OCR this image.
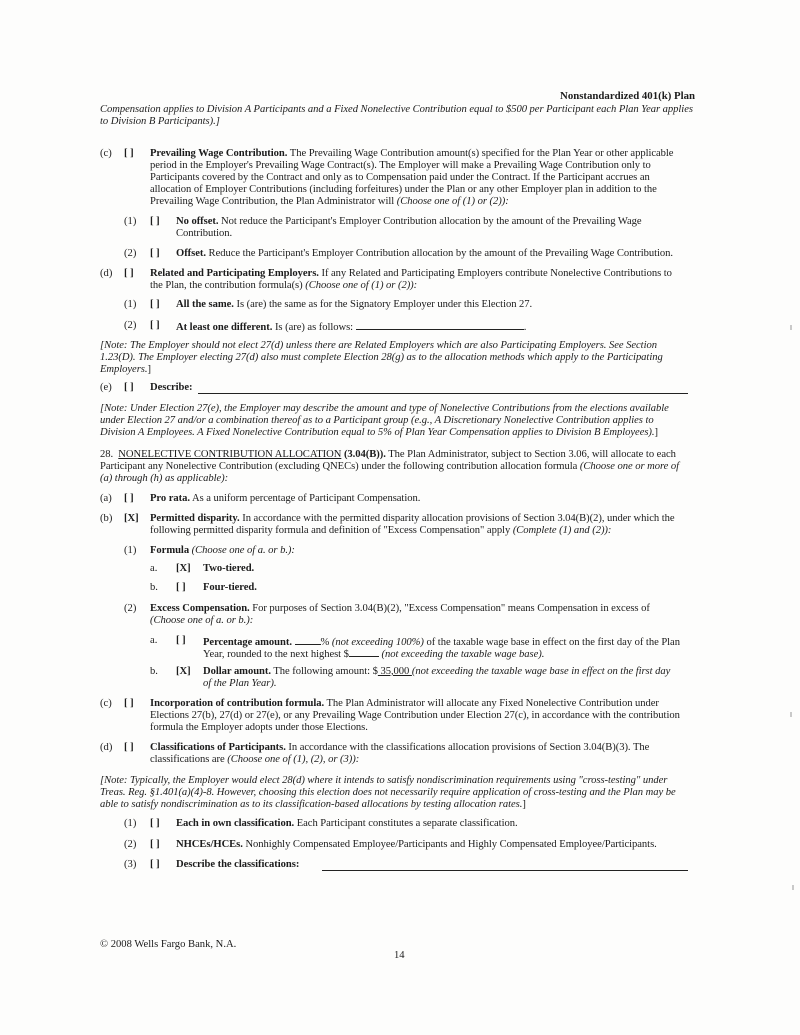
Nonstandardized 401(k) Plan
Compensation applies to Division A Participants and a Fixed Nonelective Contribution equal to $500 per Participant each Plan Year applies to Division B Participants).]
(c) [ ] Prevailing Wage Contribution. The Prevailing Wage Contribution amount(s) specified for the Plan Year or other applicable
period in the Employer's Prevailing Wage Contract(s). The Employer will make a Prevailing Wage Contribution only to
Participants covered by the Contract and only as to Compensation paid under the Contract. If the Participant accrues an
allocation of Employer Contributions (including forfeitures) under the Plan or any other Employer plan in addition to the
Prevailing Wage Contribution, the Plan Administrator will (Choose one of (1) or (2)):
(1) [ ] No offset. Not reduce the Participant's Employer Contribution allocation by the amount of the Prevailing Wage
Contribution.
(2) [ ] Offset. Reduce the Participant's Employer Contribution allocation by the amount of the Prevailing Wage Contribution.
(d) [ ] Related and Participating Employers. If any Related and Participating Employers contribute Nonelective Contributions to
the Plan, the contribution formula(s) (Choose one of (1) or (2)):
(1) [ ] All the same. Is (are) the same as for the Signatory Employer under this Election 27.
(2) [ ] At least one different. Is (are) as follows:	.
[Note: The Employer should not elect 27(d) unless there are Related Employers which are also Participating Employers. See Section
1.23(D). The Employer electing 27(d) also must complete Election 28(g) as to the allocation methods which apply to the Participating
Employers.]
(e) [ ] Describe:
[Note: Under Election 27(e), the Employer may describe the amount and type of Nonelective Contributions from the elections available
under Election 27 and/or a combination thereof as to a Participant group (e.g., A Discretionary Nonelective Contribution applies to
Division A Employees. A Fixed Nonelective Contribution equal to 5% of Plan Year Compensation applies to Division B Employees).]
28. NONELECTIVE CONTRIBUTION ALLOCATION (3.04(B)). The Plan Administrator, subject to Section 3.06, will allocate to each
Participant any Nonelective Contribution (excluding QNECs) under the following contribution allocation formula (Choose one or more of
(a) through (h) as applicable):
(a) [ ] Pro rata. As a uniform percentage of Participant Compensation.
(b) [X] Permitted disparity. In accordance with the permitted disparity allocation provisions of Section 3.04(B)(2), under which the
following permitted disparity formula and definition of "Excess Compensation" apply (Complete (1) and (2)):
(1) Formula (Choose one of a. or b.):
a. [X] Two-tiered.
b. [ ] Four-tiered.
(2) Excess Compensation. For purposes of Section 3.04(B)(2), "Excess Compensation" means Compensation in excess of
(Choose one of a. or b.):
a. [ ] Percentage amount.	% (not exceeding 100%) of the taxable wage base in effect on the first day of the Plan
Year, rounded to the next highest $	(not exceeding the taxable wage base).
b. [X] Dollar amount. The following amount: $ 35,000 (not exceeding the taxable wage base in effect on the first day
of the Plan Year).
(c) [ ] Incorporation of contribution formula. The Plan Administrator will allocate any Fixed Nonelective Contribution under
Elections 27(b), 27(d) or 27(e), or any Prevailing Wage Contribution under Election 27(c), in accordance with the contribution
formula the Employer adopts under those Elections.
(d) [ ] Classifications of Participants. In accordance with the classifications allocation provisions of Section 3.04(B)(3). The
classifications are (Choose one of (1), (2), or (3)):
[Note: Typically, the Employer would elect 28(d) where it intends to satisfy nondiscrimination requirements using "cross-testing" under
Treas. Reg. §1.401(a)(4)-8. However, choosing this election does not necessarily require application of cross-testing and the Plan may be
able to satisfy nondiscrimination as to its classification-based allocations by testing allocation rates.]
(1) [ ] Each in own classification. Each Participant constitutes a separate classification.
(2) [ ] NHCEs/HCEs. Nonhighly Compensated Employee/Participants and Highly Compensated Employee/Participants.
(3) [ ] Describe the classifications:
© 2008 Wells Fargo Bank, N.A.
14
